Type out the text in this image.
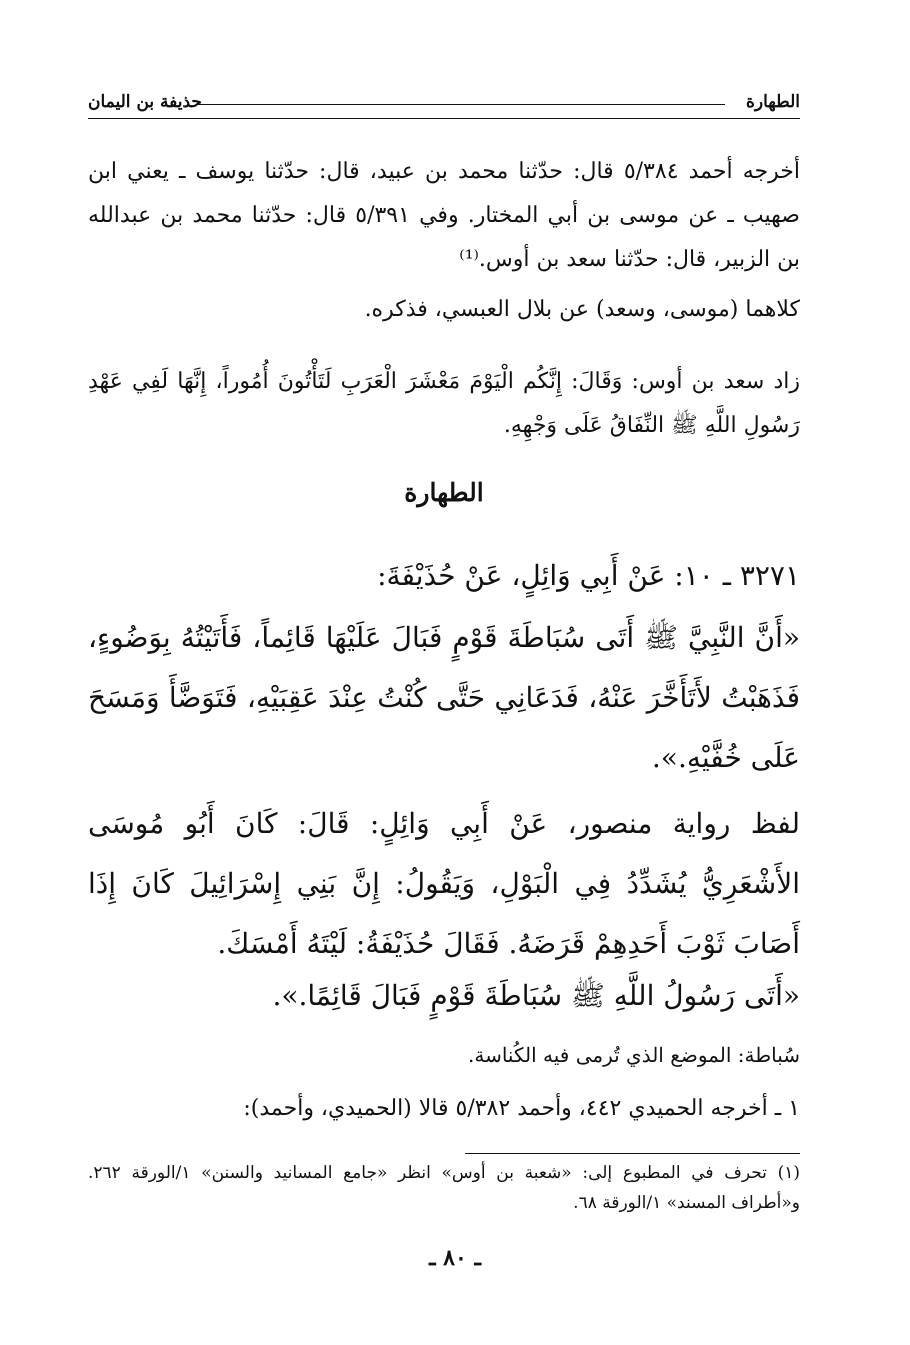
الطهارة
حذيفة بن اليمان
أخرجه أحمد ٥/٣٨٤ قال: حدّثنا محمد بن عبيد، قال: حدّثنا يوسف ـ يعني ابن صهيب ـ عن موسى بن أبي المختار. وفي ٥/٣٩١ قال: حدّثنا محمد بن عبدالله بن الزبير، قال: حدّثنا سعد بن أوس.⁽¹⁾
كلاهما (موسى، وسعد) عن بلال العبسي، فذكره.
زاد سعد بن أوس: وَقَالَ: إِنَّكُم الْيَوْمَ مَعْشَرَ الْعَرَبِ لَتَأْتُونَ أُمُوراً، إِنَّهَا لَفِي عَهْدِ رَسُولِ اللَّهِ ﷺ النِّفَاقُ عَلَى وَجْهِهِ.
الطهارة
٣٢٧١ ـ ١٠: عَنْ أَبِي وَائِلٍ، عَنْ حُذَيْفَةَ:
«أَنَّ النَّبِيَّ ﷺ أَتَى سُبَاطَةَ قَوْمٍ فَبَالَ عَلَيْهَا قَائِماً، فَأَتَيْتُهُ بِوَضُوءٍ، فَذَهَبْتُ لأَتَأَخَّرَ عَنْهُ، فَدَعَانِي حَتَّى كُنْتُ عِنْدَ عَقِبَيْهِ، فَتَوَضَّأَ وَمَسَحَ عَلَى خُفَّيْهِ.».
لفظ رواية منصور، عَنْ أَبِي وَائِلٍ: قَالَ: كَانَ أَبُو مُوسَى الأَشْعَرِيُّ يُشَدِّدُ فِي الْبَوْلِ، وَيَقُولُ: إِنَّ بَنِي إِسْرَائِيلَ كَانَ إِذَا أَصَابَ ثَوْبَ أَحَدِهِمْ قَرَضَهُ. فَقَالَ حُذَيْفَةُ: لَيْتَهُ أَمْسَكَ.
«أَتَى رَسُولُ اللَّهِ ﷺ سُبَاطَةَ قَوْمٍ فَبَالَ قَائِمًا.».
سُباطة: الموضع الذي تُرمى فيه الكُناسة.
١ ـ أخرجه الحميدي ٤٤٢، وأحمد ٥/٣٨٢ قالا (الحميدي، وأحمد):
(١) تحرف في المطبوع إلى: «شعبة بن أوس» انظر «جامع المسانيد والسنن» ١/الورقة ٢٦٢. و«أطراف المسند» ١/الورقة ٦٨.
ـ ٨٠ ـ
